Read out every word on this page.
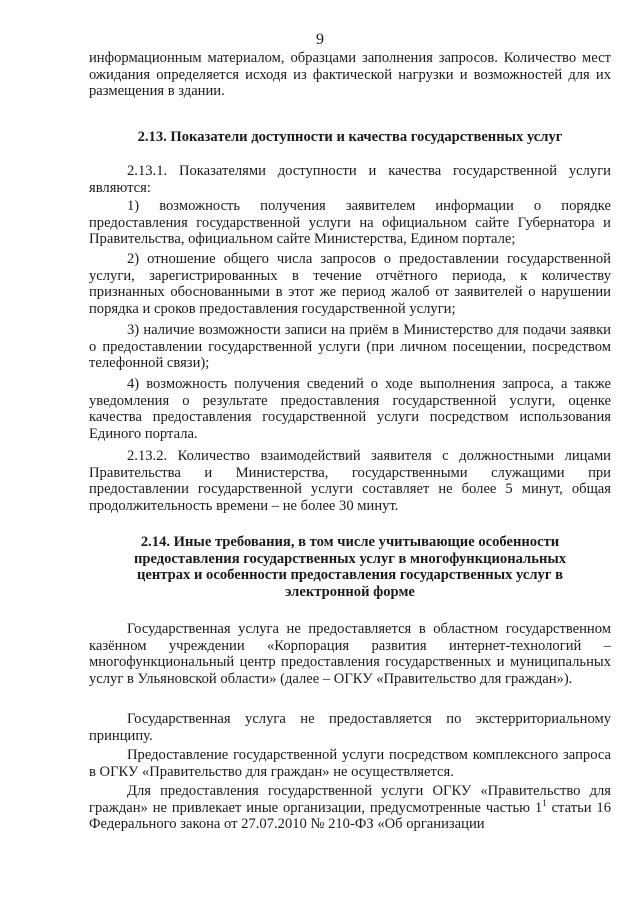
9
информационным материалом, образцами заполнения запросов. Количество мест ожидания определяется исходя из фактической нагрузки и возможностей для их размещения в здании.
2.13. Показатели доступности и качества государственных услуг
2.13.1. Показателями доступности и качества государственной услуги являются:
1) возможность получения заявителем информации о порядке предоставления государственной услуги на официальном сайте Губернатора и Правительства, официальном сайте Министерства, Едином портале;
2) отношение общего числа запросов о предоставлении государственной услуги, зарегистрированных в течение отчётного периода, к количеству признанных обоснованными в этот же период жалоб от заявителей о нарушении порядка и сроков предоставления государственной услуги;
3) наличие возможности записи на приём в Министерство для подачи заявки о предоставлении государственной услуги (при личном посещении, посредством телефонной связи);
4) возможность получения сведений о ходе выполнения запроса, а также уведомления о результате предоставления государственной услуги, оценке качества предоставления государственной услуги посредством использования Единого портала.
2.13.2. Количество взаимодействий заявителя с должностными лицами Правительства и Министерства, государственными служащими при предоставлении государственной услуги составляет не более 5 минут, общая продолжительность времени – не более 30 минут.
2.14. Иные требования, в том числе учитывающие особенности предоставления государственных услуг в многофункциональных центрах и особенности предоставления государственных услуг в электронной форме
Государственная услуга не предоставляется в областном государственном казённом учреждении «Корпорация развития интернет-технологий – многофункциональный центр предоставления государственных и муниципальных услуг в Ульяновской области» (далее – ОГКУ «Правительство для граждан»).
Государственная услуга не предоставляется по экстерриториальному принципу.
Предоставление государственной услуги посредством комплексного запроса в ОГКУ «Правительство для граждан» не осуществляется.
Для предоставления государственной услуги ОГКУ «Правительство для граждан» не привлекает иные организации, предусмотренные частью $1^1$ статьи 16 Федерального закона от 27.07.2010 № 210-ФЗ «Об организации
